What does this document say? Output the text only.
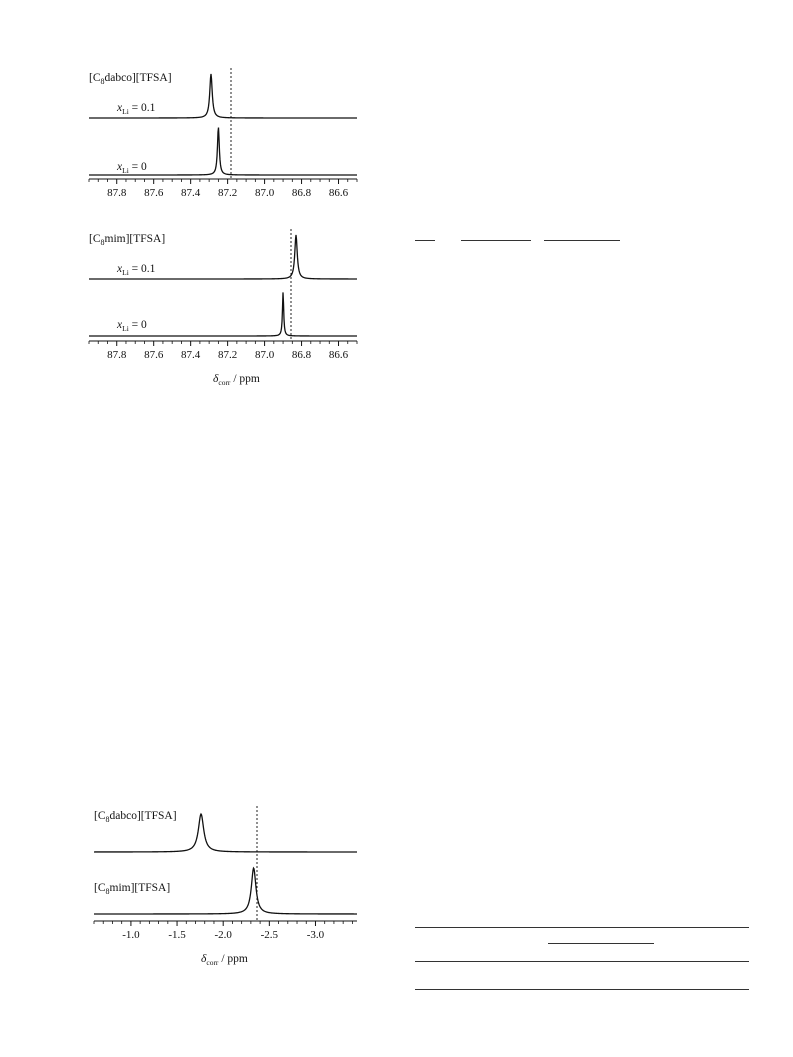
$[C_8dabco][TFSA]$
$x_{Li} = 0.1$
$x_{Li} = 0$
87.8 87.6 87.4 87.2 87.0 86.8 86.6
$[C_8mim][TFSA]$
$x_{Li} = 0.1$
$x_{Li} = 0$
87.8 87.6 87.4 87.2 87.0 86.8 86.6
$\delta_{corr}$ / ppm
$[C_8dabco][TFSA]$
$[C_8mim][TFSA]$
-1.0	-1.5	-2.0	-2.5	-3.0
$\delta_{corr}$ / ppm
